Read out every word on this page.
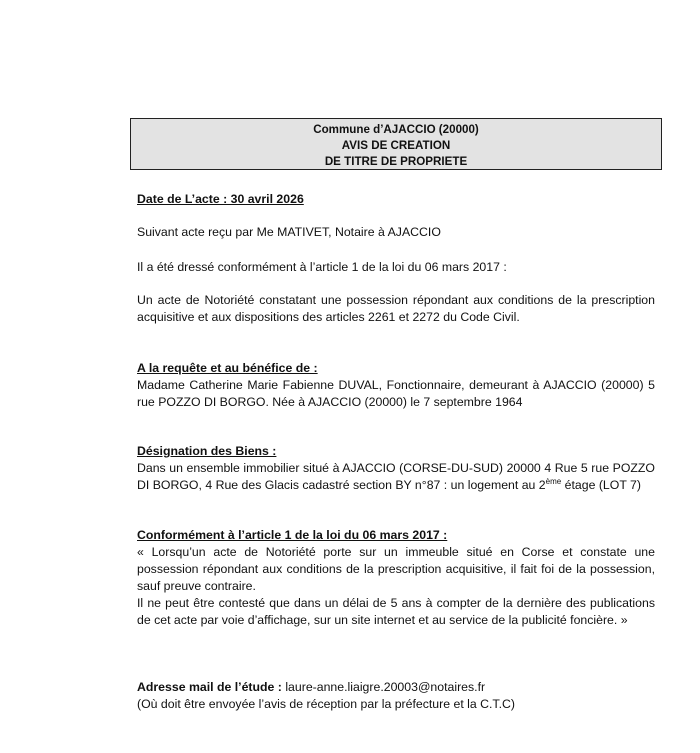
Commune d’AJACCIO (20000)
AVIS DE CREATION
DE TITRE DE PROPRIETE
Date de L’acte : 30 avril 2026
Suivant acte reçu par Me MATIVET, Notaire à AJACCIO
Il a été dressé conformément à l’article 1 de la loi du 06 mars 2017 :
Un acte de Notoriété constatant une possession répondant aux conditions de la prescription acquisitive et aux dispositions des articles 2261 et 2272 du Code Civil.
A la requête et au bénéfice de :
Madame Catherine Marie Fabienne DUVAL, Fonctionnaire, demeurant à AJACCIO (20000) 5 rue POZZO DI BORGO. Née à AJACCIO (20000) le 7 septembre 1964
Désignation des Biens :
Dans un ensemble immobilier situé à AJACCIO (CORSE-DU-SUD) 20000 4 Rue 5 rue POZZO DI BORGO, 4 Rue des Glacis cadastré section BY n°87 : un logement au 2ème étage (LOT 7)
Conformément à l’article 1 de la loi du 06 mars 2017 :
« Lorsqu’un acte de Notoriété porte sur un immeuble situé en Corse et constate une possession répondant aux conditions de la prescription acquisitive, il fait foi de la possession, sauf preuve contraire.
Il ne peut être contesté que dans un délai de 5 ans à compter de la dernière des publications de cet acte par voie d’affichage, sur un site internet et au service de la publicité foncière. »
Adresse mail de l’étude : laure-anne.liaigre.20003@notaires.fr
(Où doit être envoyée l’avis de réception par la préfecture et la C.T.C)
